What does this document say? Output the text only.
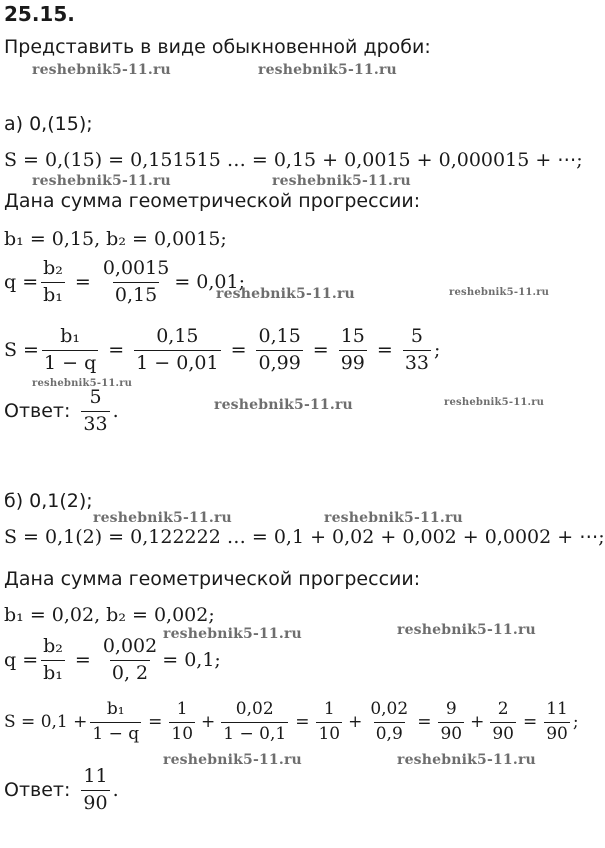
25.15.
Представить в виде обыкновенной дроби:
а) 0,(15);
S = 0,(15) = 0,151515 … = 0,15 + 0,0015 + 0,000015 + ⋯;
Дана сумма геометрической прогрессии:
b₁ = 0,15, b₂ = 0,0015;
$q = \frac{\text{b₂}}{\text{b₁}} = \frac{0,0015}{0,15} = 0,01$;
$S = \frac{\text{b₁}}{1 - q} = \frac{0,15}{1 - 0,01} = \frac{0,15}{0,99} = \frac{15}{99} = \frac{5}{33}$ ;
Ответ: $\frac{5}{33}$ .
б) 0,1(2);
S = 0,1(2) = 0,122222 … = 0,1 + 0,02 + 0,002 + 0,0002 + ⋯;
Дана сумма геометрической прогрессии:
b₁ = 0,02, b₂ = 0,002;
$q = \frac{\text{b₂}}{\text{b₁}} = \frac{0,002}{0, 2} = 0,1$;
$S = 0,1 + \frac{\text{b₁}}{1 - q} = \frac{1}{10} + \frac{0,02}{1 - 0,1} = \frac{1}{10} + \frac{0,02}{0,9} = \frac{9}{90} + \frac{2}{90} = \frac{11}{90}$ ;
Ответ: $\frac{11}{90}$ .
reshebnik5-11.ru	reshebnik5-11.ru
reshebnik5-11.ru	reshebnik5-11.ru
reshebnik5-11.ru	reshebnik5-11.ru
reshebnik5-11.ru
reshebnik5-11.ru	reshebnik5-11.ru
reshebnik5-11.ru	reshebnik5-11.ru
reshebnik5-11.ru	reshebnik5-11.ru
reshebnik5-11.ru	reshebnik5-11.ru
